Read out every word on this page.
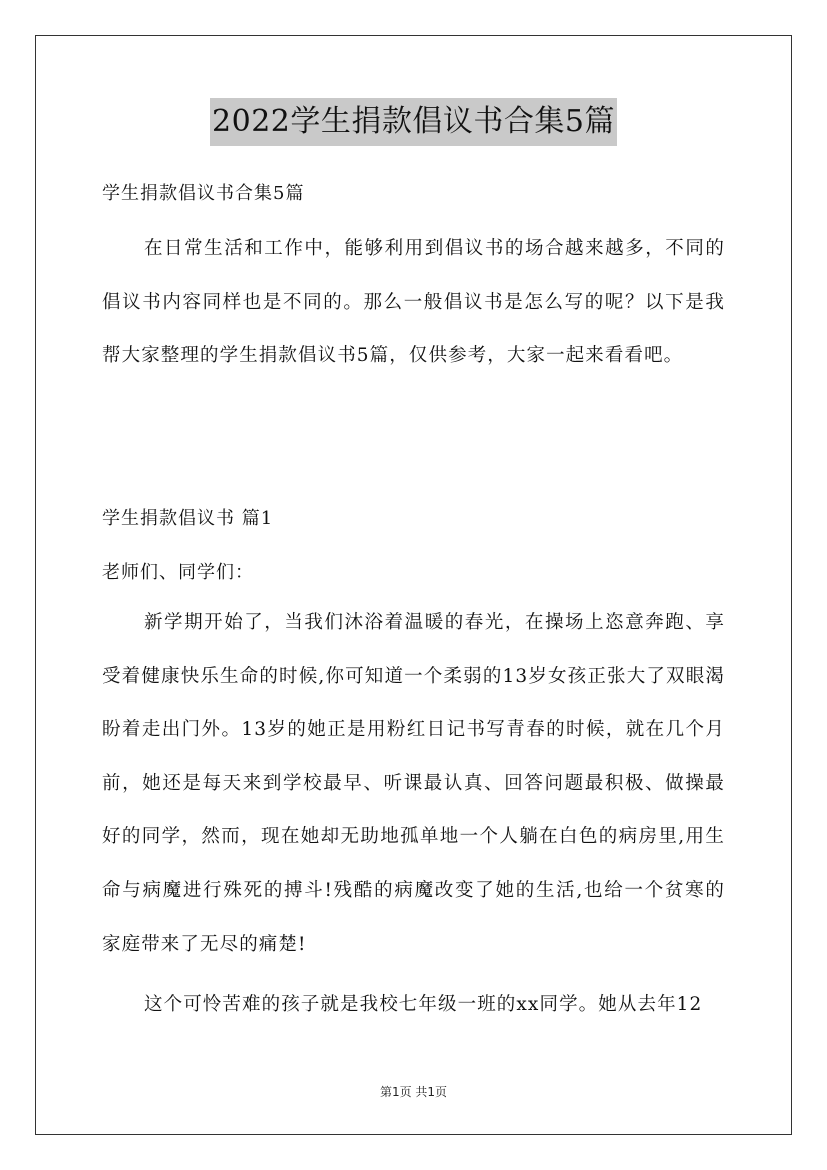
2022学生捐款倡议书合集5篇
学生捐款倡议书合集5篇

在日常生活和工作中，能够利用到倡议书的场合越来越多，不同的倡议书内容同样也是不同的。那么一般倡议书是怎么写的呢？以下是我帮大家整理的学生捐款倡议书5篇，仅供参考，大家一起来看看吧。

学生捐款倡议书 篇1
老师们、同学们：

新学期开始了，当我们沐浴着温暖的春光，在操场上恣意奔跑、享受着健康快乐生命的时候,你可知道一个柔弱的13岁女孩正张大了双眼渴盼着走出门外。13岁的她正是用粉红日记书写青春的时候，就在几个月前，她还是每天来到学校最早、听课最认真、回答问题最积极、做操最好的同学，然而，现在她却无助地孤单地一个人躺在白色的病房里,用生命与病魔进行殊死的搏斗!残酷的病魔改变了她的生活,也给一个贫寒的家庭带来了无尽的痛楚!

这个可怜苦难的孩子就是我校七年级一班的xx同学。她从去年12

第1页 共1页
